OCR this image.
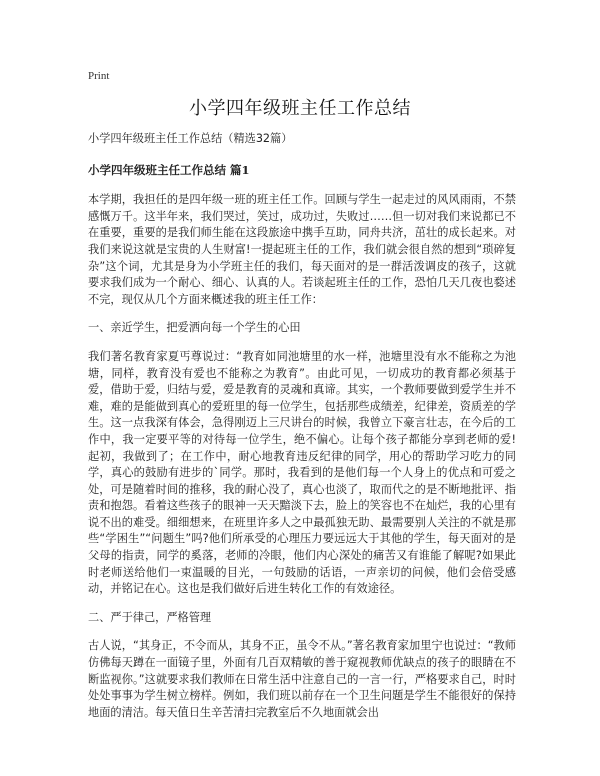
Print
小学四年级班主任工作总结
小学四年级班主任工作总结（精选32篇）
小学四年级班主任工作总结 篇1
本学期，我担任的是四年级一班的班主任工作。回顾与学生一起走过的风风雨雨，不禁感慨万千。这半年来，我们哭过，笑过，成功过，失败过……但一切对我们来说都已不在重要，重要的是我们师生能在这段旅途中携手互助，同舟共济，茁壮的成长起来。对我们来说这就是宝贵的人生财富!一提起班主任的工作，我们就会很自然的想到“琐碎复杂”这个词，尤其是身为小学班主任的我们，每天面对的是一群活泼调皮的孩子，这就要求我们成为一个耐心、细心、认真的人。若谈起班主任的工作，恐怕几天几夜也婺述不完，现仅从几个方面来概述我的班主任工作：
一、亲近学生，把爱洒向每一个学生的心田
我们著名教育家夏丐尊说过：“教育如同池塘里的水一样，池塘里没有水不能称之为池塘，同样，教育没有爱也不能称之为教育”。由此可见，一切成功的教育都必须基于爱，借助于爱，归结与爱，爱是教育的灵魂和真谛。其实，一个教师要做到爱学生并不难，难的是能做到真心的爱班里的每一位学生，包括那些成绩差，纪律差，资质差的学生。这一点我深有体会，急得刚迈上三尺讲台的时候，我曾立下豪言壮志，在今后的工作中，我一定要平等的对待每一位学生，绝不偏心。让每个孩子都能分享到老师的爱!起初，我做到了；在工作中，耐心地教育违反纪律的同学，用心的帮助学习吃力的同学，真心的鼓励有进步的`同学。那时，我看到的是他们每一个人身上的优点和可爱之处，可是随着时间的推移，我的耐心没了，真心也淡了，取而代之的是不断地批评、指责和抱怨。看着这些孩子的眼神一天天黯淡下去，脸上的笑容也不在灿烂，我的心里有说不出的难受。细细想来，在班里许多人之中最孤独无助、最需要别人关注的不就是那些“学困生”“问题生”吗?他们所承受的心理压力要远远大于其他的学生，每天面对的是父母的指责，同学的奚落，老师的冷眼，他们内心深处的痛苦又有谁能了解呢?如果此时老师送给他们一束温暖的目光，一句鼓励的话语，一声亲切的问候，他们会倍受感动，并铭记在心。这也是我们做好后进生转化工作的有效途径。
二、严于律己，严格管理
古人说，“其身正，不令而从，其身不正，虽令不从。”著名教育家加里宁也说过：“教师仿佛每天蹲在一面镜子里，外面有几百双精敏的善于窥视教师优缺点的孩子的眼睛在不断监视你。”这就要求我们教师在日常生活中注意自己的一言一行，严格要求自己，时时处处事事为学生树立榜样。例如，我们班以前存在一个卫生问题是学生不能很好的保持地面的清洁。每天值日生辛苦清扫完教室后不久地面就会出
